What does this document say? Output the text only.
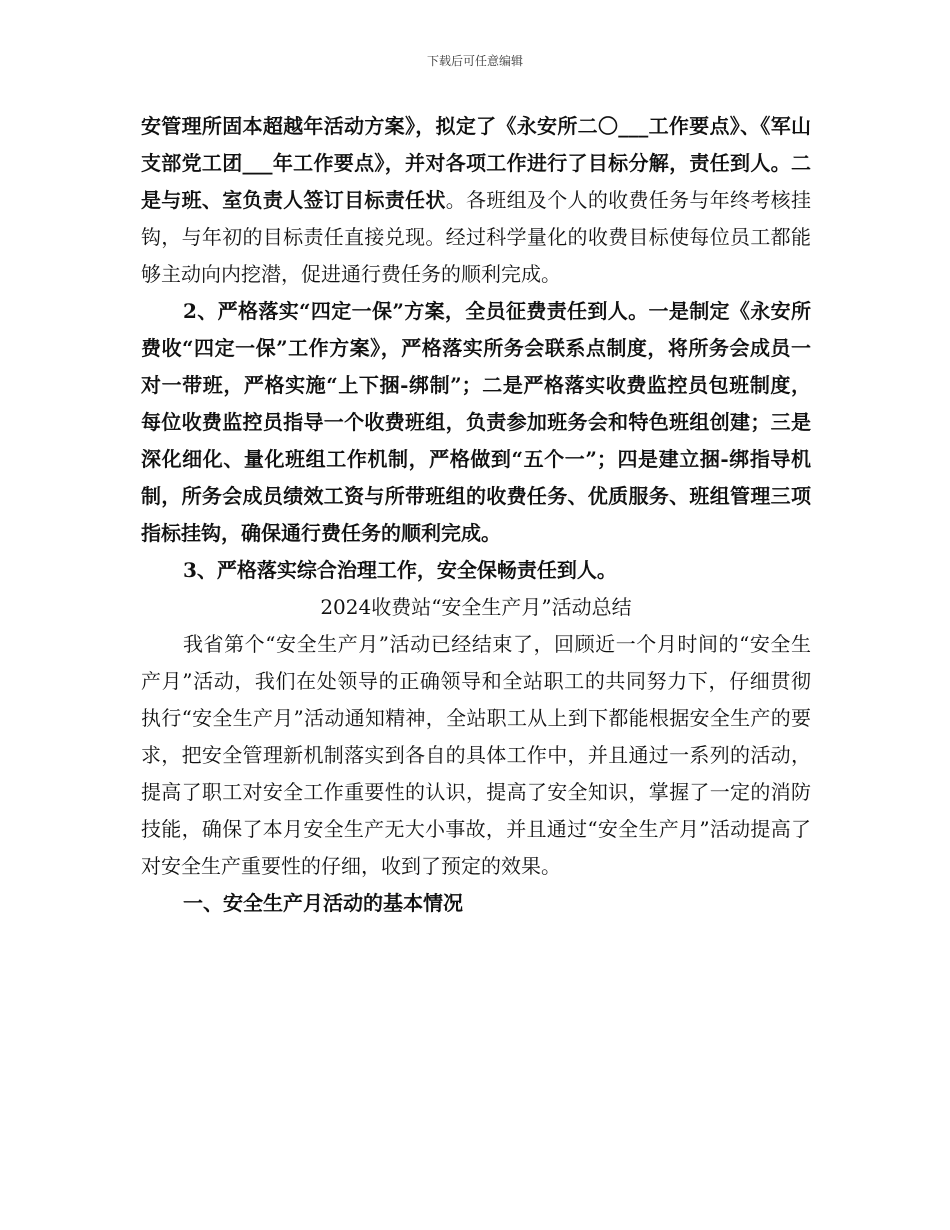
下载后可任意编辑

安管理所固本超越年活动方案》，拟定了《永安所二〇___工作要点》、《军山支部党工团___年工作要点》，并对各项工作进行了目标分解，责任到人。二是与班、室负责人签订目标责任状。各班组及个人的收费任务与年终考核挂钩，与年初的目标责任直接兑现。经过科学量化的收费目标使每位员工都能够主动向内挖潜，促进通行费任务的顺利完成。

2、严格落实“四定一保”方案，全员征费责任到人。一是制定《永安所费收“四定一保”工作方案》，严格落实所务会联系点制度，将所务会成员一对一带班，严格实施“上下捆-绑制”；二是严格落实收费监控员包班制度，每位收费监控员指导一个收费班组，负责参加班务会和特色班组创建；三是深化细化、量化班组工作机制，严格做到“五个一”；四是建立捆-绑指导机制，所务会成员绩效工资与所带班组的收费任务、优质服务、班组管理三项指标挂钩，确保通行费任务的顺利完成。

3、严格落实综合治理工作，安全保畅责任到人。

2024收费站“安全生产月”活动总结

我省第个“安全生产月”活动已经结束了，回顾近一个月时间的“安全生产月”活动，我们在处领导的正确领导和全站职工的共同努力下，仔细贯彻执行“安全生产月”活动通知精神，全站职工从上到下都能根据安全生产的要求，把安全管理新机制落实到各自的具体工作中，并且通过一系列的活动，提高了职工对安全工作重要性的认识，提高了安全知识，掌握了一定的消防技能，确保了本月安全生产无大小事故，并且通过“安全生产月”活动提高了对安全生产重要性的仔细，收到了预定的效果。

一、安全生产月活动的基本情况
